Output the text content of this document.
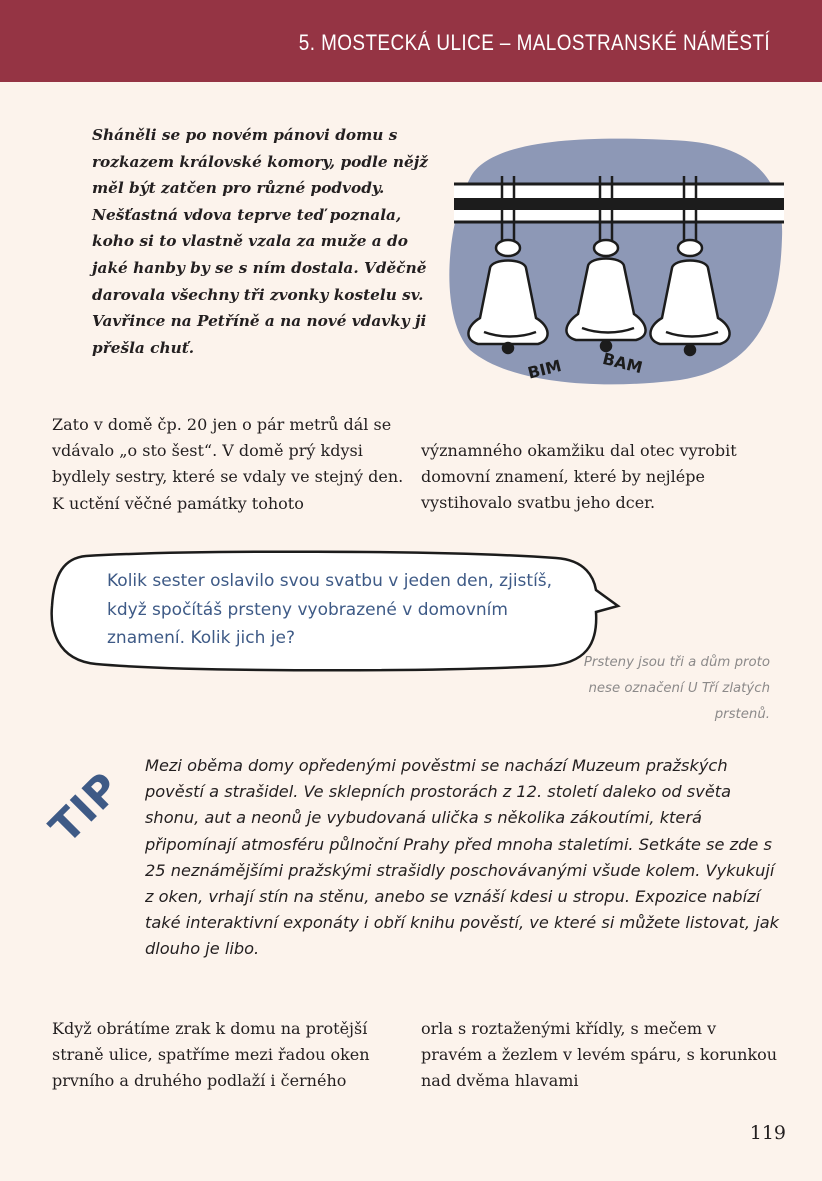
5. MOSTECKÁ ULICE – MALOSTRANSKÉ NÁMĚSTÍ
Sháněli se po novém pánovi domu s rozkazem královské komory, podle nějž měl být zatčen pro různé podvody. Nešťastná vdova teprve teď poznala, koho si to vlastně vzala za muže a do jaké hanby by se s ním dostala. Vděčně darovala všechny tři zvonky kostelu sv. Vavřince na Petříně a na nové vdavky ji přešla chuť.
BIM BAM
Zato v domě čp. 20 jen o pár metrů dál se vdávalo „o sto šest“. V domě prý kdysi bydlely sestry, které se vdaly ve stejný den. K uctění věčné památky tohoto
významného okamžiku dal otec vyrobit domovní znamení, které by nejlépe vystihovalo svatbu jeho dcer.
Kolik sester oslavilo svou svatbu v jeden den, zjistíš, když spočítáš prsteny vyobrazené v domovním znamení. Kolik jich je?
Prsteny jsou tři a dům proto nese označení U Tří zlatých prstenů.
TIP Mezi oběma domy opředenými pověstmi se nachází Muzeum pražských pověstí a strašidel. Ve sklepních prostorách z 12. století daleko od světa shonu, aut a neonů je vybudovaná ulička s několika zákoutími, která připomínají atmosféru půlnoční Prahy před mnoha staletími. Setkáte se zde s 25 neznámějšími pražskými strašidly poschovávanými všude kolem. Vykukují z oken, vrhají stín na stěnu, anebo se vznáší kdesi u stropu. Expozice nabízí také interaktivní exponáty i obří knihu pověstí, ve které si můžete listovat, jak dlouho je libo.
Když obrátíme zrak k domu na protější straně ulice, spatříme mezi řadou oken prvního a druhého podlaží i černého
orla s roztaženými křídly, s mečem v pravém a žezlem v levém spáru, s korunkou nad dvěma hlavami
119
